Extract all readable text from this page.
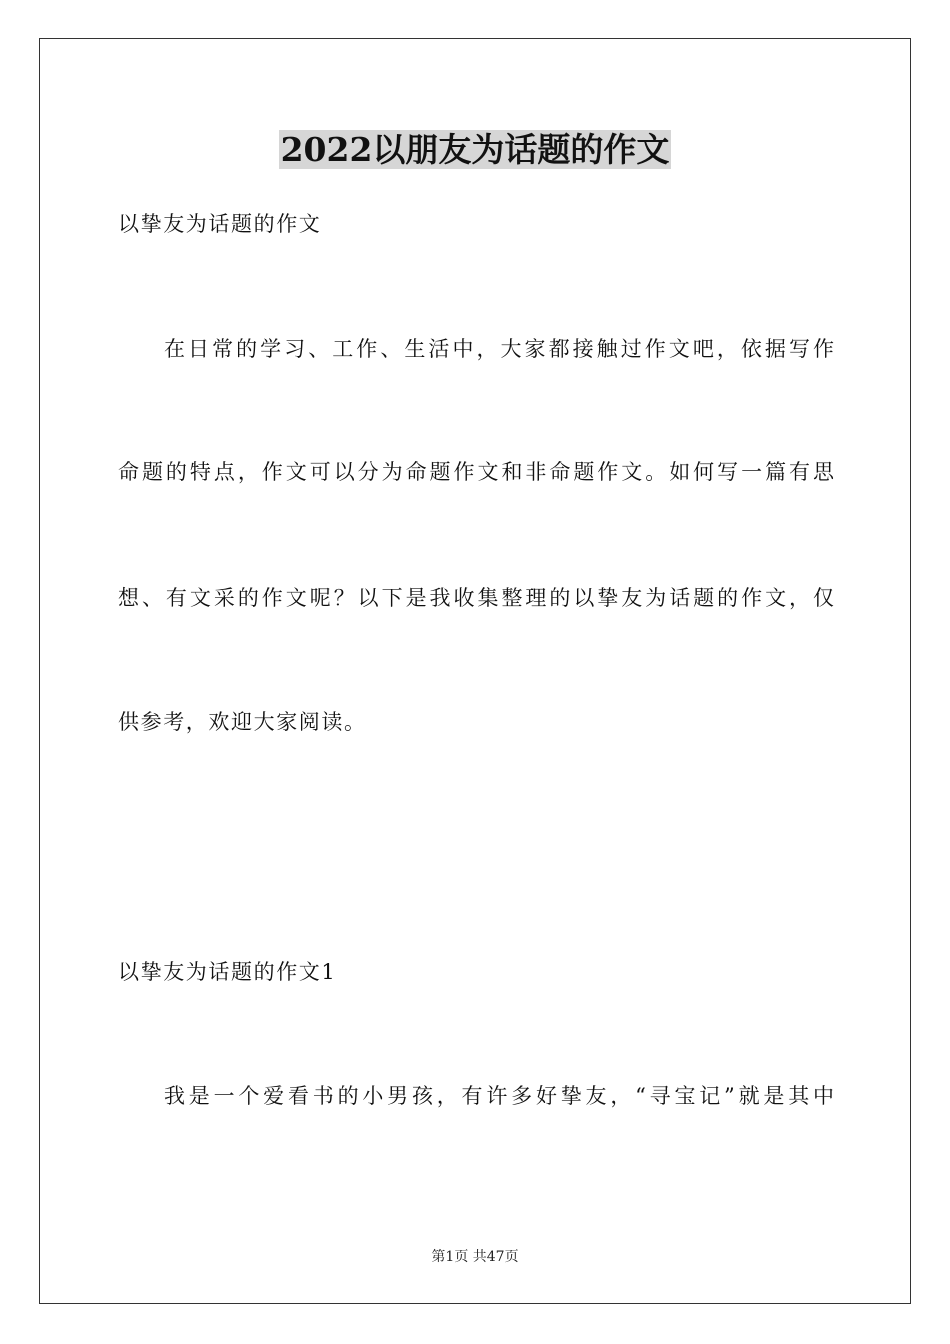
2022以朋友为话题的作文
以挚友为话题的作文
在日常的学习、工作、生活中，大家都接触过作文吧，依据写作
命题的特点，作文可以分为命题作文和非命题作文。如何写一篇有思
想、有文采的作文呢？以下是我收集整理的以挚友为话题的作文，仅
供参考，欢迎大家阅读。
以挚友为话题的作文1
我是一个爱看书的小男孩，有许多好挚友，“寻宝记”就是其中
第1页 共47页
